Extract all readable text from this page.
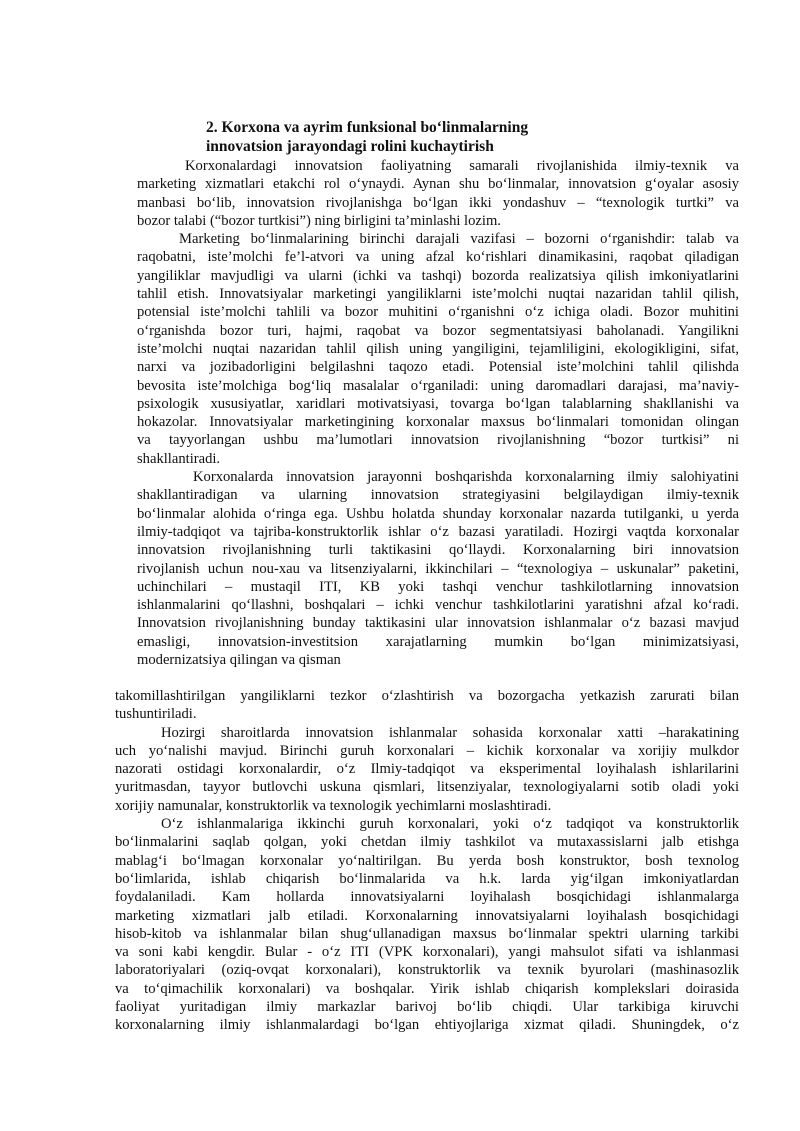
2. Korxona va ayrim funksional bo‘linmalarning
innovatsion jarayondagi rolini kuchaytirish
Korxonalardagi innovatsion faoliyatning samarali rivojlanishida ilmiy-texnik va
marketing xizmatlari etakchi rol o‘ynaydi. Aynan shu bo‘linmalar, innovatsion g‘oyalar asosiy
manbasi bo‘lib, innovatsion rivojlanishga bo‘lgan ikki yondashuv – “texnologik turtki” va
bozor talabi (“bozor turtkisi”) ning birligini ta’minlashi lozim.
Marketing bo‘linmalarining birinchi darajali vazifasi – bozorni o‘rganishdir: talab va
raqobatni, iste’molchi fe’l-atvori va uning afzal ko‘rishlari dinamikasini, raqobat qiladigan
yangiliklar mavjudligi va ularni (ichki va tashqi) bozorda realizatsiya qilish imkoniyatlarini
tahlil etish. Innovatsiyalar marketingi yangiliklarni iste’molchi nuqtai nazaridan tahlil qilish,
potensial iste’molchi tahlili va bozor muhitini o‘rganishni o‘z ichiga oladi. Bozor muhitini
o‘rganishda bozor turi, hajmi, raqobat va bozor segmentatsiyasi baholanadi. Yangilikni
iste’molchi nuqtai nazaridan tahlil qilish uning yangiligini, tejamliligini, ekologikligini, sifat,
narxi va jozibadorligini belgilashni taqozo etadi. Potensial iste’molchini tahlil qilishda
bevosita iste’molchiga bog‘liq masalalar o‘rganiladi: uning daromadlari darajasi, ma’naviy-
psixologik xususiyatlar, xaridlari motivatsiyasi, tovarga bo‘lgan talablarning shakllanishi va
hokazolar. Innovatsiyalar marketingining korxonalar maxsus bo‘linmalari tomonidan olingan
va tayyorlangan ushbu ma’lumotlari innovatsion rivojlanishning “bozor turtkisi” ni
shakllantiradi.
Korxonalarda innovatsion jarayonni boshqarishda korxonalarning ilmiy salohiyatini
shakllantiradigan va ularning innovatsion strategiyasini belgilaydigan ilmiy-texnik
bo‘linmalar alohida o‘ringa ega. Ushbu holatda shunday korxonalar nazarda tutilganki, u yerda
ilmiy-tadqiqot va tajriba-konstruktorlik ishlar o‘z bazasi yaratiladi. Hozirgi vaqtda korxonalar
innovatsion rivojlanishning turli taktikasini qo‘llaydi. Korxonalarning biri innovatsion
rivojlanish uchun nou-xau va litsenziyalarni, ikkinchilari – “texnologiya – uskunalar” paketini,
uchinchilari – mustaqil ITI, KB yoki tashqi venchur tashkilotlarning innovatsion
ishlanmalarini qo‘llashni, boshqalari – ichki venchur tashkilotlarini yaratishni afzal ko‘radi.
Innovatsion rivojlanishning bunday taktikasini ular innovatsion ishlanmalar o‘z bazasi mavjud
emasligi, innovatsion-investitsion xarajatlarning mumkin bo‘lgan minimizatsiyasi,
modernizatsiya qilingan va qisman
takomillashtirilgan yangiliklarni tezkor o‘zlashtirish va bozorgacha yetkazish zarurati bilan
tushuntiriladi.
Hozirgi sharoitlarda innovatsion ishlanmalar sohasida korxonalar xatti –harakatining
uch yo‘nalishi mavjud. Birinchi guruh korxonalari – kichik korxonalar va xorijiy mulkdor
nazorati ostidagi korxonalardir, o‘z Ilmiy-tadqiqot va eksperimental loyihalash ishlarilarini
yuritmasdan, tayyor butlovchi uskuna qismlari, litsenziyalar, texnologiyalarni sotib oladi yoki
xorijiy namunalar, konstruktorlik va texnologik yechimlarni moslashtiradi.
O‘z ishlanmalariga ikkinchi guruh korxonalari, yoki o‘z tadqiqot va konstruktorlik
bo‘linmalarini saqlab qolgan, yoki chetdan ilmiy tashkilot va mutaxassislarni jalb etishga
mablag‘i bo‘lmagan korxonalar yo‘naltirilgan. Bu yerda bosh konstruktor, bosh texnolog
bo‘limlarida, ishlab chiqarish bo‘linmalarida va h.k. larda yig‘ilgan imkoniyatlardan
foydalaniladi. Kam hollarda innovatsiyalarni loyihalash bosqichidagi ishlanmalarga
marketing xizmatlari jalb etiladi. Korxonalarning innovatsiyalarni loyihalash bosqichidagi
hisob-kitob va ishlanmalar bilan shug‘ullanadigan maxsus bo‘linmalar spektri ularning tarkibi
va soni kabi kengdir. Bular - o‘z ITI (VPK korxonalari), yangi mahsulot sifati va ishlanmasi
laboratoriyalari (oziq-ovqat korxonalari), konstruktorlik va texnik byurolari (mashinasozlik
va to‘qimachilik korxonalari) va boshqalar. Yirik ishlab chiqarish komplekslari doirasida
faoliyat yuritadigan ilmiy markazlar barivoj bo‘lib chiqdi. Ular tarkibiga kiruvchi
korxonalarning ilmiy ishlanmalardagi bo‘lgan ehtiyojlariga xizmat qiladi. Shuningdek, o‘z
